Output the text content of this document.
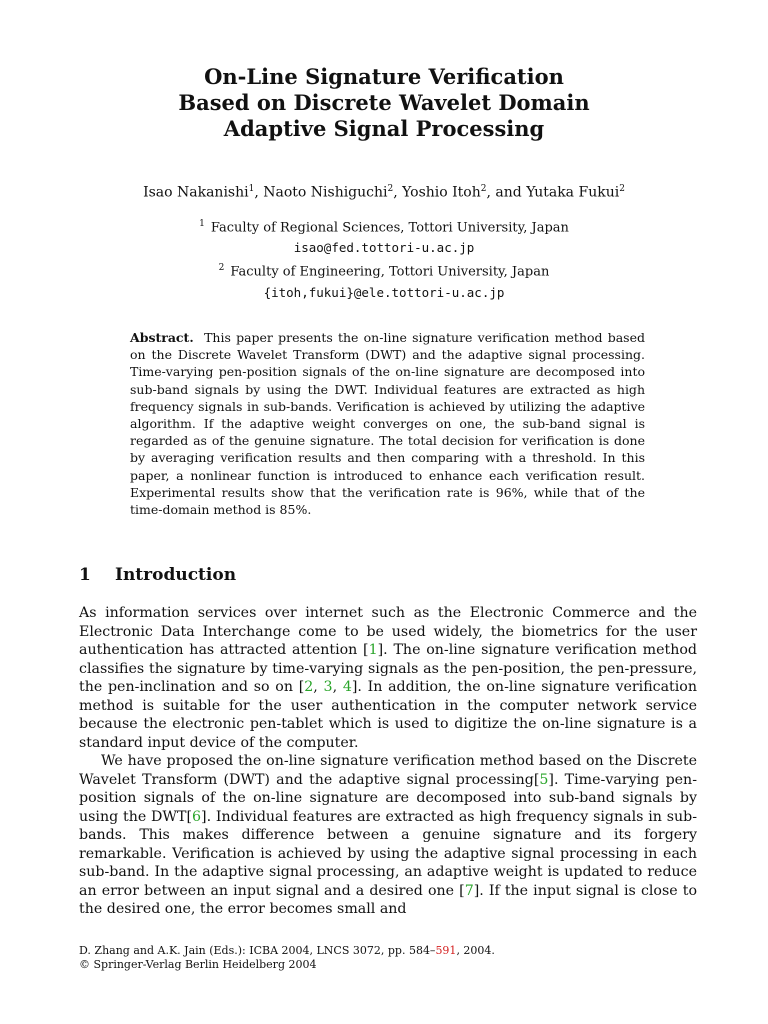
On-Line Signature Verification
Based on Discrete Wavelet Domain
Adaptive Signal Processing
Isao Nakanishi$^1$, Naoto Nishiguchi$^2$, Yoshio Itoh$^2$, and Yutaka Fukui$^2$
$^1$ Faculty of Regional Sciences, Tottori University, Japan
isao@fed.tottori-u.ac.jp
$^2$ Faculty of Engineering, Tottori University, Japan
{itoh,fukui}@ele.tottori-u.ac.jp
Abstract. This paper presents the on-line signature verification method based on the Discrete Wavelet Transform (DWT) and the adaptive signal processing. Time-varying pen-position signals of the on-line signature are decomposed into sub-band signals by using the DWT. Individual features are extracted as high frequency signals in sub-bands. Verification is achieved by utilizing the adaptive algorithm. If the adaptive weight converges on one, the sub-band signal is regarded as of the genuine signature. The total decision for verification is done by averaging verification results and then comparing with a threshold. In this paper, a nonlinear function is introduced to enhance each verification result. Experimental results show that the verification rate is 96%, while that of the time-domain method is 85%.
1 Introduction

As information services over internet such as the Electronic Commerce and the Electronic Data Interchange come to be used widely, the biometrics for the user authentication has attracted attention [1]. The on-line signature verification method classifies the signature by time-varying signals as the pen-position, the pen-pressure, the pen-inclination and so on [2, 3, 4]. In addition, the on-line signature verification method is suitable for the user authentication in the computer network service because the electronic pen-tablet which is used to digitize the on-line signature is a standard input device of the computer.

We have proposed the on-line signature verification method based on the Discrete Wavelet Transform (DWT) and the adaptive signal processing[5]. Time-varying pen-position signals of the on-line signature are decomposed into sub-band signals by using the DWT[6]. Individual features are extracted as high frequency signals in sub-bands. This makes difference between a genuine signature and its forgery remarkable. Verification is achieved by using the adaptive signal processing in each sub-band. In the adaptive signal processing, an adaptive weight is updated to reduce an error between an input signal and a desired one [7]. If the input signal is close to the desired one, the error becomes small and

D. Zhang and A.K. Jain (Eds.): ICBA 2004, LNCS 3072, pp. 584–591, 2004.
© Springer-Verlag Berlin Heidelberg 2004
